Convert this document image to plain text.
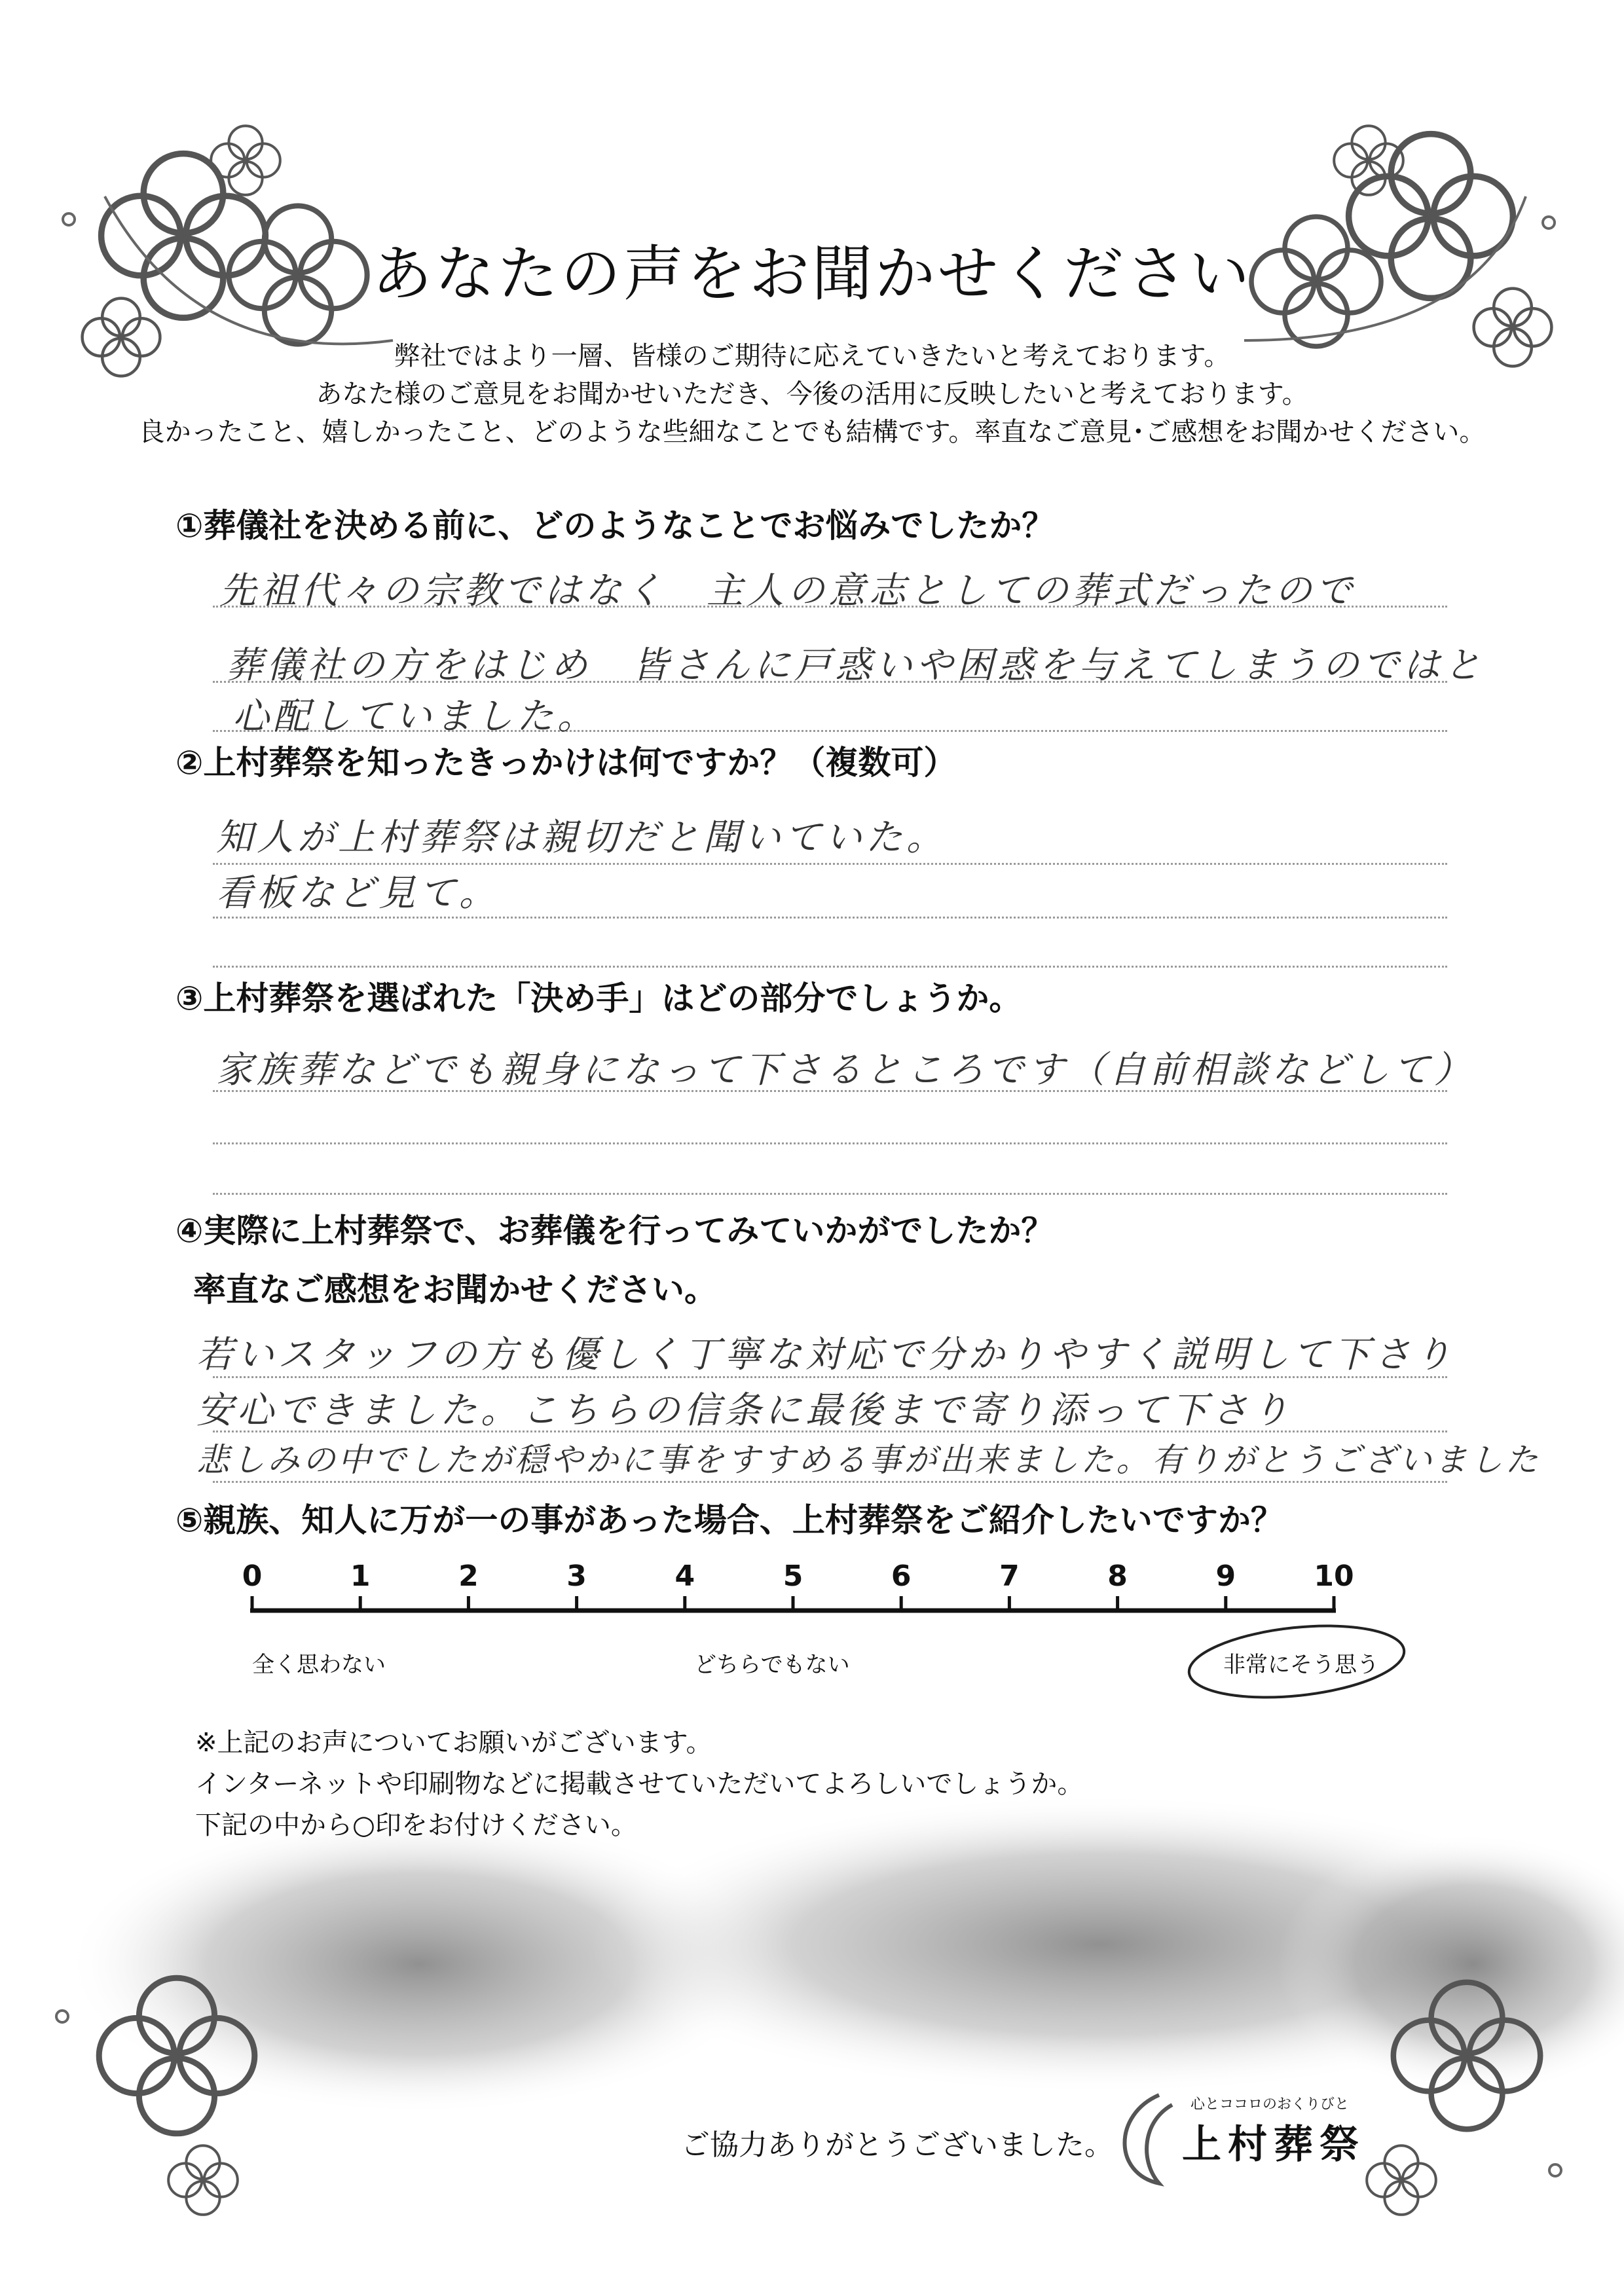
あなたの声をお聞かせください
弊社ではより一層、皆様のご期待に応えていきたいと考えております。
あなた様のご意見をお聞かせいただき、今後の活用に反映したいと考えております。
良かったこと、嬉しかったこと、どのような些細なことでも結構です。率直なご意見･ご感想をお聞かせください。
①葬儀社を決める前に、どのようなことでお悩みでしたか？
先祖代々の宗教ではなく　主人の意志としての葬式だったので
葬儀社の方をはじめ　皆さんに戸惑いや困惑を与えてしまうのではと
心配していました。
②上村葬祭を知ったきっかけは何ですか？（複数可）
知人が上村葬祭は親切だと聞いていた。
看板など見て。
③上村葬祭を選ばれた「決め手」はどの部分でしょうか。
家族葬などでも親身になって下さるところです（自前相談などして）
④実際に上村葬祭で、お葬儀を行ってみていかがでしたか？
率直なご感想をお聞かせください。
若いスタッフの方も優しく丁寧な対応で分かりやすく説明して下さり
安心できました。こちらの信条に最後まで寄り添って下さり
悲しみの中でしたが穏やかに事をすすめる事が出来ました。有りがとうございました
⑤親族、知人に万が一の事があった場合、上村葬祭をご紹介したいですか？
0	1	2	3	4	5	6	7	8	9	10
全く思わない	どちらでもない	非常にそう思う
※上記のお声についてお願いがございます。
インターネットや印刷物などに掲載させていただいてよろしいでしょうか。
下記の中から○印をお付けください。
ご協力ありがとうございました。
心とココロのおくりびと
上村葬祭
